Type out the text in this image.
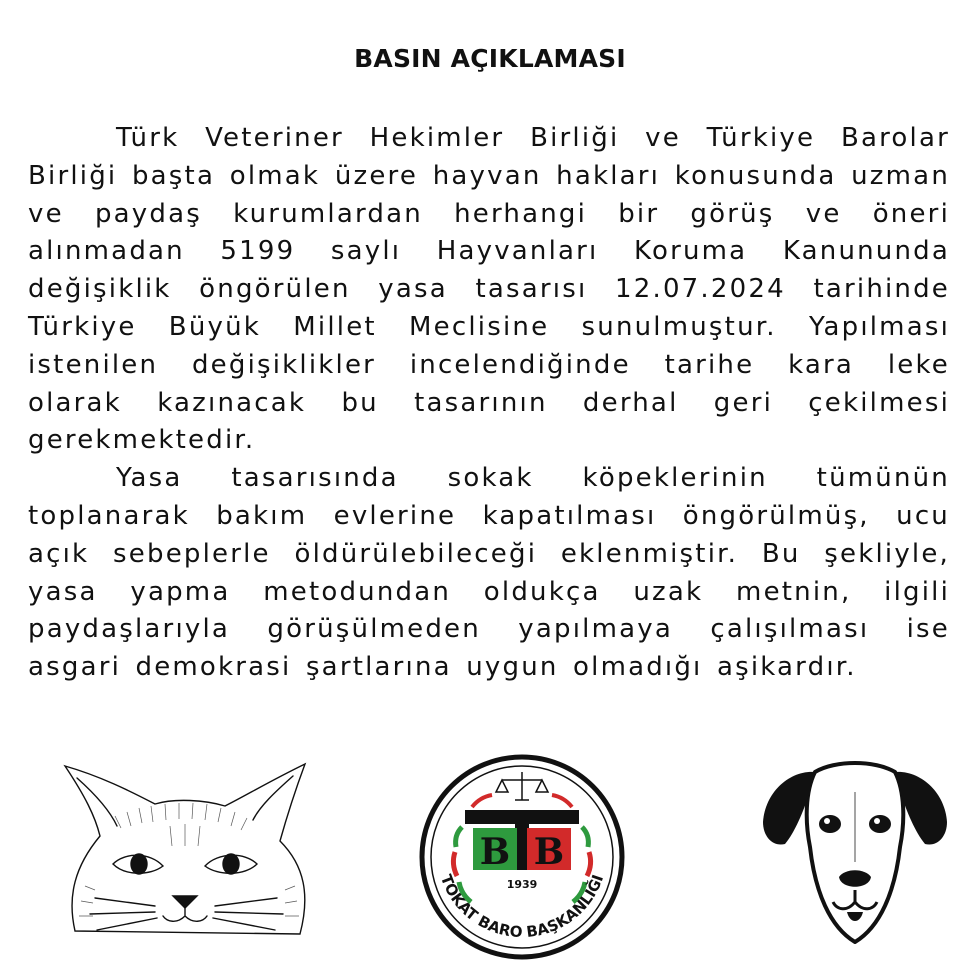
BASIN AÇIKLAMASI

Türk Veteriner Hekimler Birliği ve Türkiye Barolar Birliği başta olmak üzere hayvan hakları konusunda uzman ve paydaş kurumlardan herhangi bir görüş ve öneri alınmadan 5199 saylı Hayvanları Koruma Kanununda değişiklik öngörülen yasa tasarısı 12.07.2024 tarihinde Türkiye Büyük Millet Meclisine sunulmuştur. Yapılması istenilen değişiklikler incelendiğinde tarihe kara leke olarak kazınacak bu tasarının derhal geri çekilmesi gerekmektedir.

Yasa tasarısında sokak köpeklerinin tümünün toplanarak bakım evlerine kapatılması öngörülmüş, ucu açık sebeplerle öldürülebileceği eklenmiştir. Bu şekliyle, yasa yapma metodundan oldukça uzak metnin, ilgili paydaşlarıyla görüşülmeden yapılmaya çalışılması ise asgari demokrasi şartlarına uygun olmadığı aşikardır.

B B
1939
TOKAT BARO BAŞKANLIĞI
